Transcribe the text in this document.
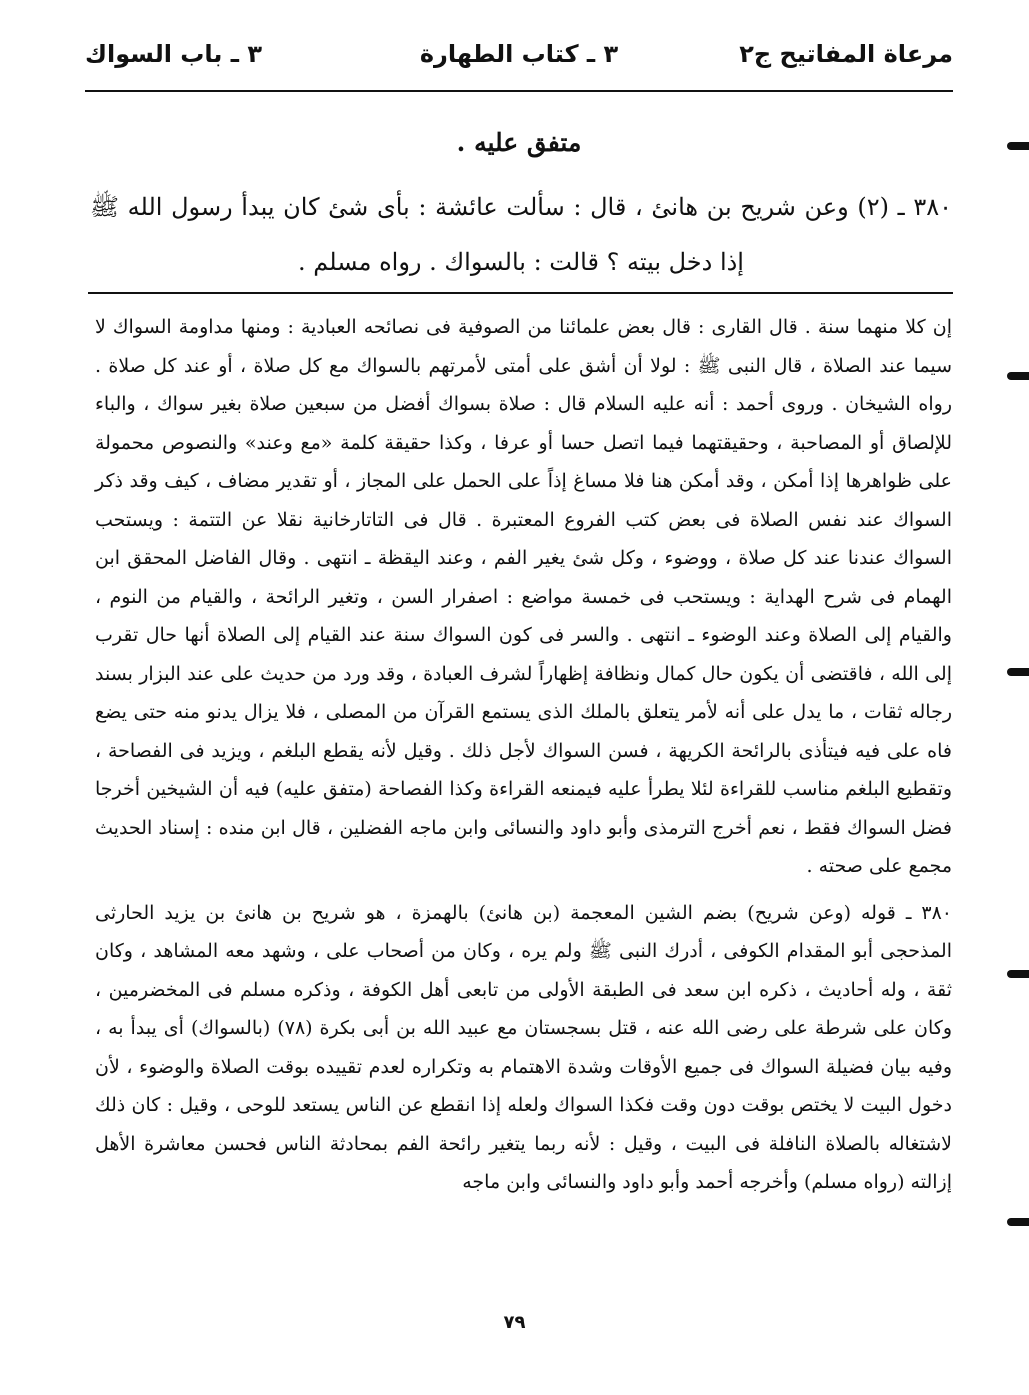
مرعاة المفاتيح ج٢
٣ ـ كتاب الطهارة
٣ ـ باب السواك
متفق عليه .
٣٨٠ ـ (٢) وعن شريح بن هانئ ، قال : سألت عائشة : بأى شئ كان يبدأ رسول الله ﷺ إذا دخل بيته ؟ قالت : بالسواك . رواه مسلم .

إن كلا منهما سنة . قال القارى : قال بعض علمائنا من الصوفية فى نصائحه العبادية : ومنها مداومة السواك لا سيما عند الصلاة ، قال النبى ﷺ : لولا أن أشق على أمتى لأمرتهم بالسواك مع كل صلاة ، أو عند كل صلاة . رواه الشيخان . وروى أحمد : أنه عليه السلام قال : صلاة بسواك أفضل من سبعين صلاة بغير سواك ، والباء للإلصاق أو المصاحبة ، وحقيقتهما فيما اتصل حسا أو عرفا ، وكذا حقيقة كلمة «مع وعند» والنصوص محمولة على ظواهرها إذا أمكن ، وقد أمكن هنا فلا مساغ إذاً على الحمل على المجاز ، أو تقدير مضاف ، كيف وقد ذكر السواك عند نفس الصلاة فى بعض كتب الفروع المعتبرة . قال فى التاتارخانية نقلا عن التتمة : ويستحب السواك عندنا عند كل صلاة ، ووضوء ، وكل شئ يغير الفم ، وعند اليقظة ـ انتهى . وقال الفاضل المحقق ابن الهمام فى شرح الهداية : ويستحب فى خمسة مواضع : اصفرار السن ، وتغير الرائحة ، والقيام من النوم ، والقيام إلى الصلاة وعند الوضوء ـ انتهى . والسر فى كون السواك سنة عند القيام إلى الصلاة أنها حال تقرب إلى الله ، فاقتضى أن يكون حال كمال ونظافة إظهاراً لشرف العبادة ، وقد ورد من حديث على عند البزار بسند رجاله ثقات ، ما يدل على أنه لأمر يتعلق بالملك الذى يستمع القرآن من المصلى ، فلا يزال يدنو منه حتى يضع فاه على فيه فيتأذى بالرائحة الكريهة ، فسن السواك لأجل ذلك . وقيل لأنه يقطع البلغم ، ويزيد فى الفصاحة ، وتقطيع البلغم مناسب للقراءة لئلا يطرأ عليه فيمنعه القراءة وكذا الفصاحة (متفق عليه) فيه أن الشيخين أخرجا فضل السواك فقط ، نعم أخرج الترمذى وأبو داود والنسائى وابن ماجه الفضلين ، قال ابن منده : إسناد الحديث مجمع على صحته .

٣٨٠ ـ قوله (وعن شريح) بضم الشين المعجمة (بن هانئ) بالهمزة ، هو شريح بن هانئ بن يزيد الحارثى المذحجى أبو المقدام الكوفى ، أدرك النبى ﷺ ولم يره ، وكان من أصحاب على ، وشهد معه المشاهد ، وكان ثقة ، وله أحاديث ، ذكره ابن سعد فى الطبقة الأولى من تابعى أهل الكوفة ، وذكره مسلم فى المخضرمين ، وكان على شرطة على رضى الله عنه ، قتل بسجستان مع عبيد الله بن أبى بكرة (٧٨) (بالسواك) أى يبدأ به ، وفيه بيان فضيلة السواك فى جميع الأوقات وشدة الاهتمام به وتكراره لعدم تقييده بوقت الصلاة والوضوء ، لأن دخول البيت لا يختص بوقت دون وقت فكذا السواك ولعله إذا انقطع عن الناس يستعد للوحى ، وقيل : كان ذلك لاشتغاله بالصلاة النافلة فى البيت ، وقيل : لأنه ربما يتغير رائحة الفم بمحادثة الناس فحسن معاشرة الأهل إزالته (رواه مسلم) وأخرجه أحمد وأبو داود والنسائى وابن ماجه

٧٩
